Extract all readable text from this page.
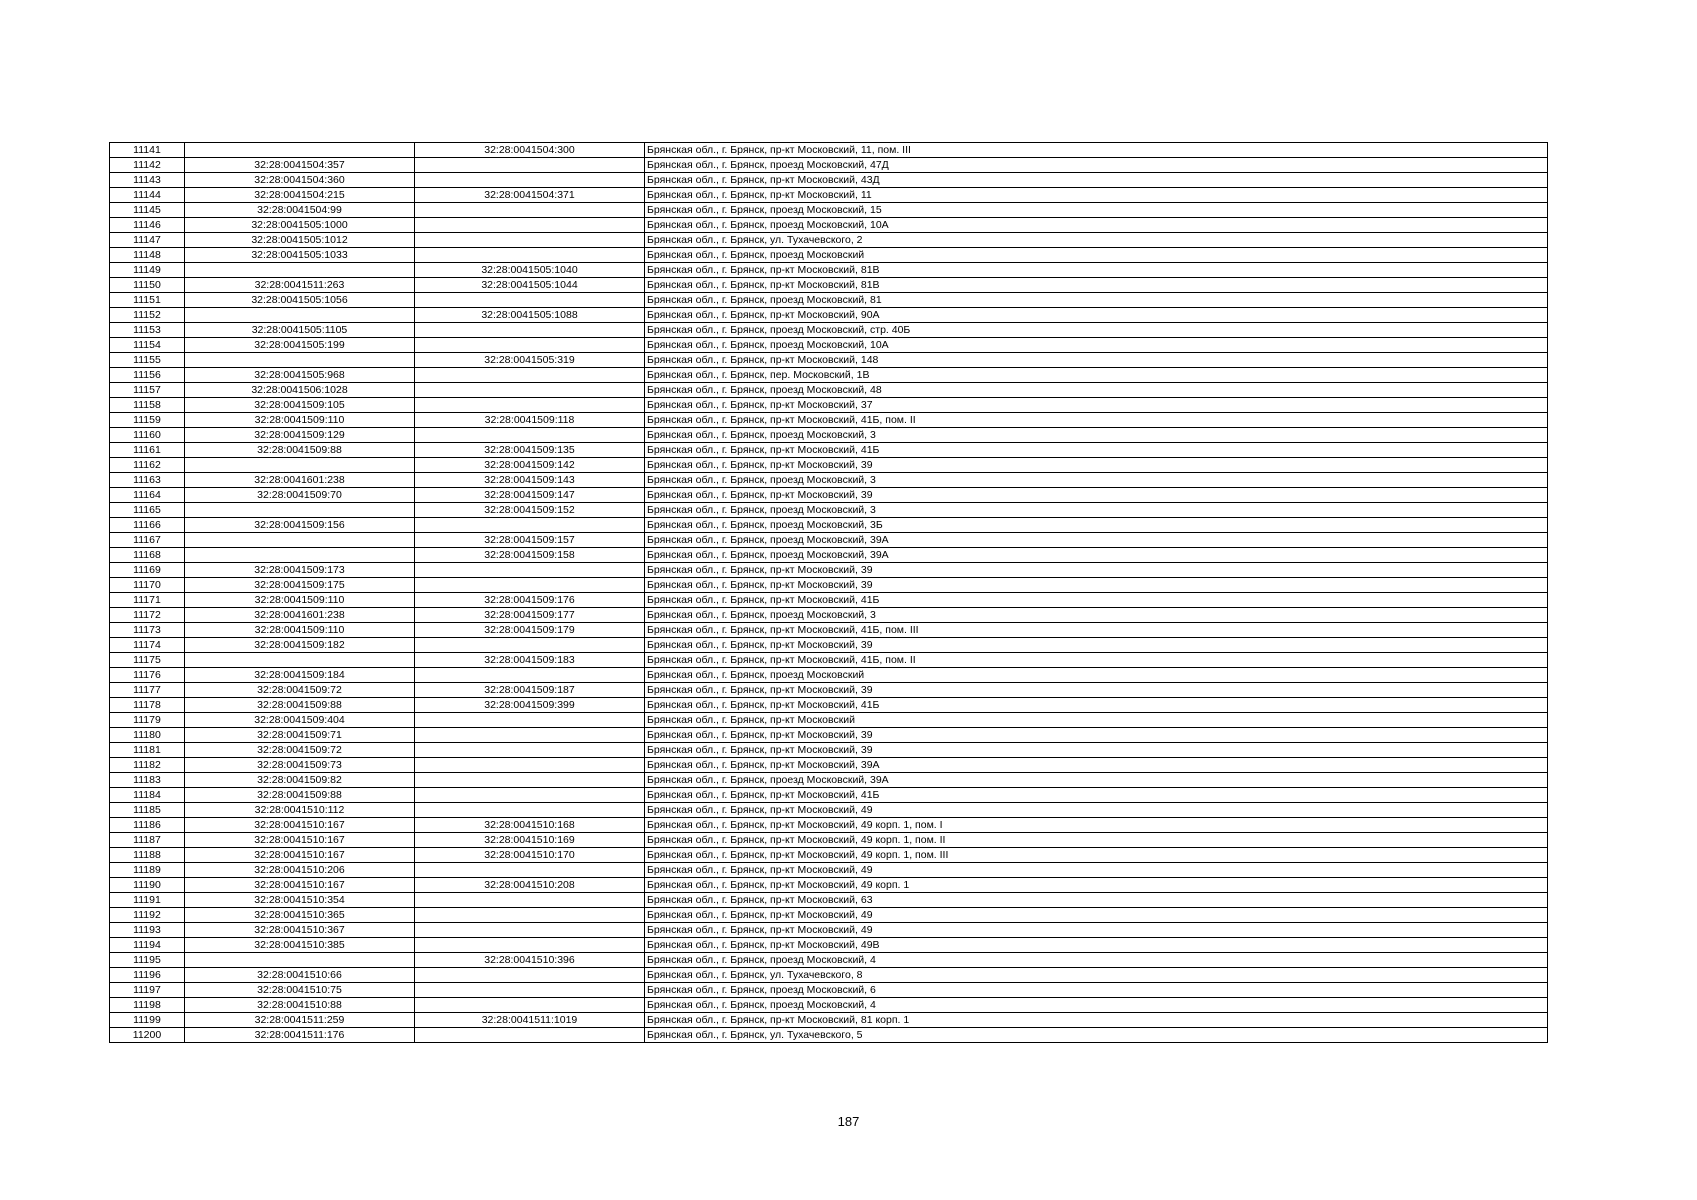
11141		32:28:0041504:300	Брянская обл., г. Брянск, пр-кт Московский, 11, пом. III
11142	32:28:0041504:357		Брянская обл., г. Брянск, проезд Московский, 47Д
11143	32:28:0041504:360		Брянская обл., г. Брянск, пр-кт Московский, 43Д
11144	32:28:0041504:215	32:28:0041504:371	Брянская обл., г. Брянск, пр-кт Московский, 11
11145	32:28:0041504:99		Брянская обл., г. Брянск, проезд Московский, 15
11146	32:28:0041505:1000		Брянская обл., г. Брянск, проезд Московский, 10А
11147	32:28:0041505:1012		Брянская обл., г. Брянск, ул. Тухачевского, 2
11148	32:28:0041505:1033		Брянская обл., г. Брянск, проезд Московский
11149		32:28:0041505:1040	Брянская обл., г. Брянск, пр-кт Московский, 81В
11150	32:28:0041511:263	32:28:0041505:1044	Брянская обл., г. Брянск, пр-кт Московский, 81В
11151	32:28:0041505:1056		Брянская обл., г. Брянск, проезд Московский, 81
11152		32:28:0041505:1088	Брянская обл., г. Брянск, пр-кт Московский, 90А
11153	32:28:0041505:1105		Брянская обл., г. Брянск, проезд Московский, стр. 40Б
11154	32:28:0041505:199		Брянская обл., г. Брянск, проезд Московский, 10А
11155		32:28:0041505:319	Брянская обл., г. Брянск, пр-кт Московский, 148
11156	32:28:0041505:968		Брянская обл., г. Брянск, пер. Московский, 1В
11157	32:28:0041506:1028		Брянская обл., г. Брянск, проезд Московский, 48
11158	32:28:0041509:105		Брянская обл., г. Брянск, пр-кт Московский, 37
11159	32:28:0041509:110	32:28:0041509:118	Брянская обл., г. Брянск, пр-кт Московский, 41Б, пом. II
11160	32:28:0041509:129		Брянская обл., г. Брянск, проезд Московский, 3
11161	32:28:0041509:88	32:28:0041509:135	Брянская обл., г. Брянск, пр-кт Московский, 41Б
11162		32:28:0041509:142	Брянская обл., г. Брянск, пр-кт Московский, 39
11163	32:28:0041601:238	32:28:0041509:143	Брянская обл., г. Брянск, проезд Московский, 3
11164	32:28:0041509:70	32:28:0041509:147	Брянская обл., г. Брянск, пр-кт Московский, 39
11165		32:28:0041509:152	Брянская обл., г. Брянск, проезд Московский, 3
11166	32:28:0041509:156		Брянская обл., г. Брянск, проезд Московский, 3Б
11167		32:28:0041509:157	Брянская обл., г. Брянск, проезд Московский, 39А
11168		32:28:0041509:158	Брянская обл., г. Брянск, проезд Московский, 39А
11169	32:28:0041509:173		Брянская обл., г. Брянск, пр-кт Московский, 39
11170	32:28:0041509:175		Брянская обл., г. Брянск, пр-кт Московский, 39
11171	32:28:0041509:110	32:28:0041509:176	Брянская обл., г. Брянск, пр-кт Московский, 41Б
11172	32:28:0041601:238	32:28:0041509:177	Брянская обл., г. Брянск, проезд Московский, 3
11173	32:28:0041509:110	32:28:0041509:179	Брянская обл., г. Брянск, пр-кт Московский, 41Б, пом. III
11174	32:28:0041509:182		Брянская обл., г. Брянск, пр-кт Московский, 39
11175		32:28:0041509:183	Брянская обл., г. Брянск, пр-кт Московский, 41Б, пом. II
11176	32:28:0041509:184		Брянская обл., г. Брянск, проезд Московский
11177	32:28:0041509:72	32:28:0041509:187	Брянская обл., г. Брянск, пр-кт Московский, 39
11178	32:28:0041509:88	32:28:0041509:399	Брянская обл., г. Брянск, пр-кт Московский, 41Б
11179	32:28:0041509:404		Брянская обл., г. Брянск, пр-кт Московский
11180	32:28:0041509:71		Брянская обл., г. Брянск, пр-кт Московский, 39
11181	32:28:0041509:72		Брянская обл., г. Брянск, пр-кт Московский, 39
11182	32:28:0041509:73		Брянская обл., г. Брянск, пр-кт Московский, 39А
11183	32:28:0041509:82		Брянская обл., г. Брянск, проезд Московский, 39А
11184	32:28:0041509:88		Брянская обл., г. Брянск, пр-кт Московский, 41Б
11185	32:28:0041510:112		Брянская обл., г. Брянск, пр-кт Московский, 49
11186	32:28:0041510:167	32:28:0041510:168	Брянская обл., г. Брянск, пр-кт Московский, 49 корп. 1, пом. I
11187	32:28:0041510:167	32:28:0041510:169	Брянская обл., г. Брянск, пр-кт Московский, 49 корп. 1, пом. II
11188	32:28:0041510:167	32:28:0041510:170	Брянская обл., г. Брянск, пр-кт Московский, 49 корп. 1, пом. III
11189	32:28:0041510:206		Брянская обл., г. Брянск, пр-кт Московский, 49
11190	32:28:0041510:167	32:28:0041510:208	Брянская обл., г. Брянск, пр-кт Московский, 49 корп. 1
11191	32:28:0041510:354		Брянская обл., г. Брянск, пр-кт Московский, 63
11192	32:28:0041510:365		Брянская обл., г. Брянск, пр-кт Московский, 49
11193	32:28:0041510:367		Брянская обл., г. Брянск, пр-кт Московский, 49
11194	32:28:0041510:385		Брянская обл., г. Брянск, пр-кт Московский, 49В
11195		32:28:0041510:396	Брянская обл., г. Брянск, проезд Московский, 4
11196	32:28:0041510:66		Брянская обл., г. Брянск, ул. Тухачевского, 8
11197	32:28:0041510:75		Брянская обл., г. Брянск, проезд Московский, 6
11198	32:28:0041510:88		Брянская обл., г. Брянск, проезд Московский, 4
11199	32:28:0041511:259	32:28:0041511:1019	Брянская обл., г. Брянск, пр-кт Московский, 81 корп. 1
11200	32:28:0041511:176		Брянская обл., г. Брянск, ул. Тухачевского, 5
187
